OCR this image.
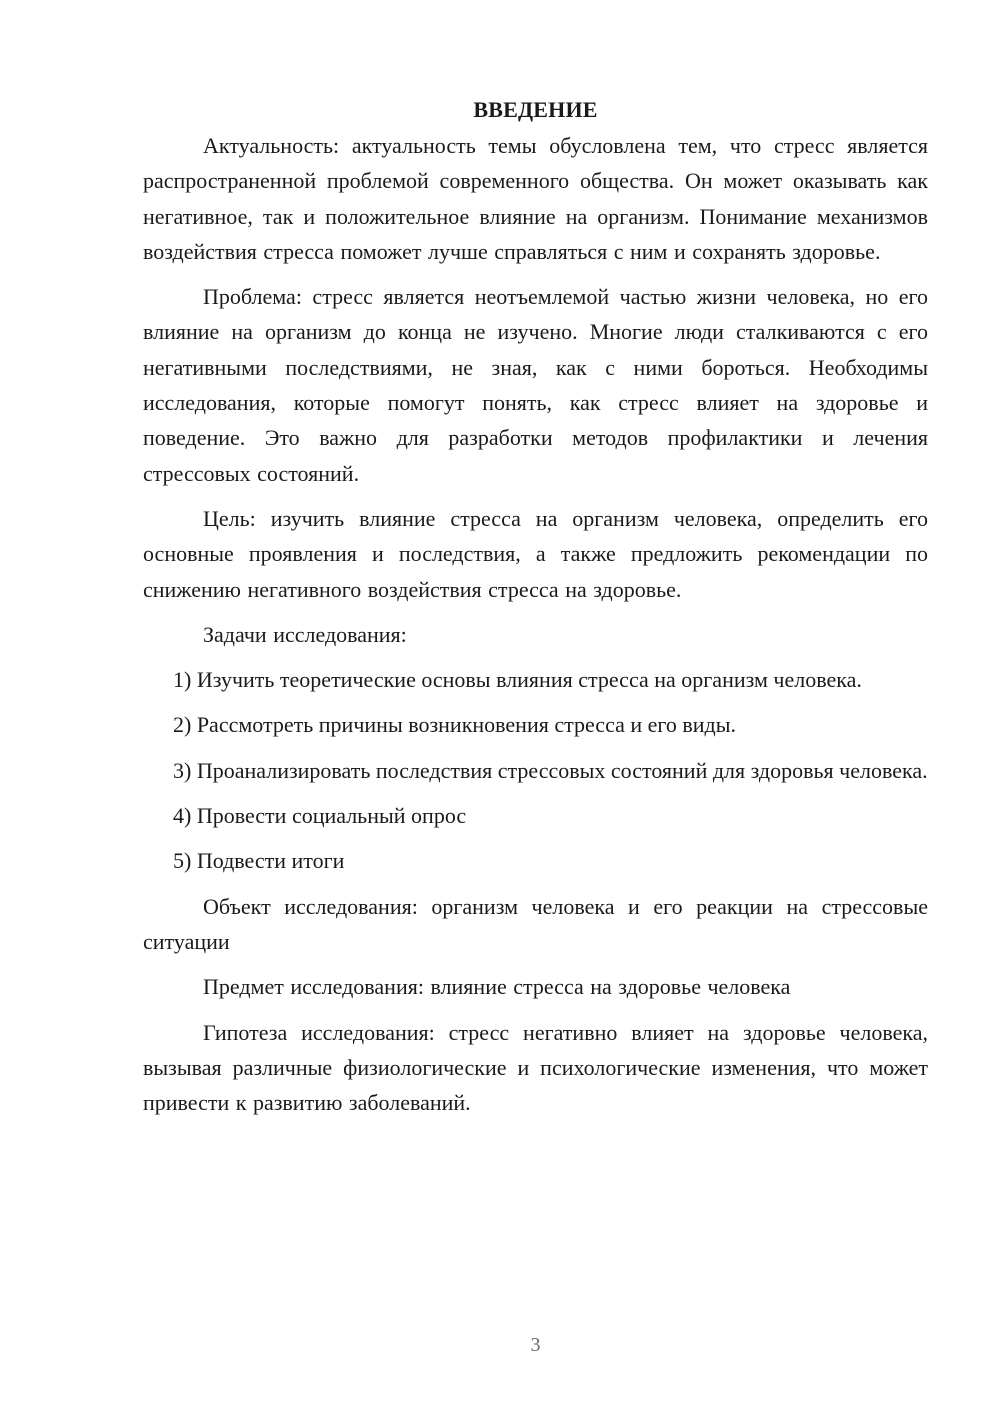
ВВЕДЕНИЕ

Актуальность: актуальность темы обусловлена тем, что стресс является распространенной проблемой современного общества. Он может оказывать как негативное, так и положительное влияние на организм. Понимание механизмов воздействия стресса поможет лучше справляться с ним и сохранять здоровье.

Проблема: стресс является неотъемлемой частью жизни человека, но его влияние на организм до конца не изучено. Многие люди сталкиваются с его негативными последствиями, не зная, как с ними бороться. Необходимы исследования, которые помогут понять, как стресс влияет на здоровье и поведение. Это важно для разработки методов профилактики и лечения стрессовых состояний.

Цель: изучить влияние стресса на организм человека, определить его основные проявления и последствия, а также предложить рекомендации по снижению негативного воздействия стресса на здоровье.

Задачи исследования:

1) Изучить теоретические основы влияния стресса на организм человека.

2) Рассмотреть причины возникновения стресса и его виды.

3) Проанализировать последствия стрессовых состояний для здоровья человека.

4) Провести социальный опрос

5) Подвести итоги

Объект исследования: организм человека и его реакции на стрессовые ситуации

Предмет исследования: влияние стресса на здоровье человека

Гипотеза исследования: стресс негативно влияет на здоровье человека, вызывая различные физиологические и психологические изменения, что может привести к развитию заболеваний.

3
